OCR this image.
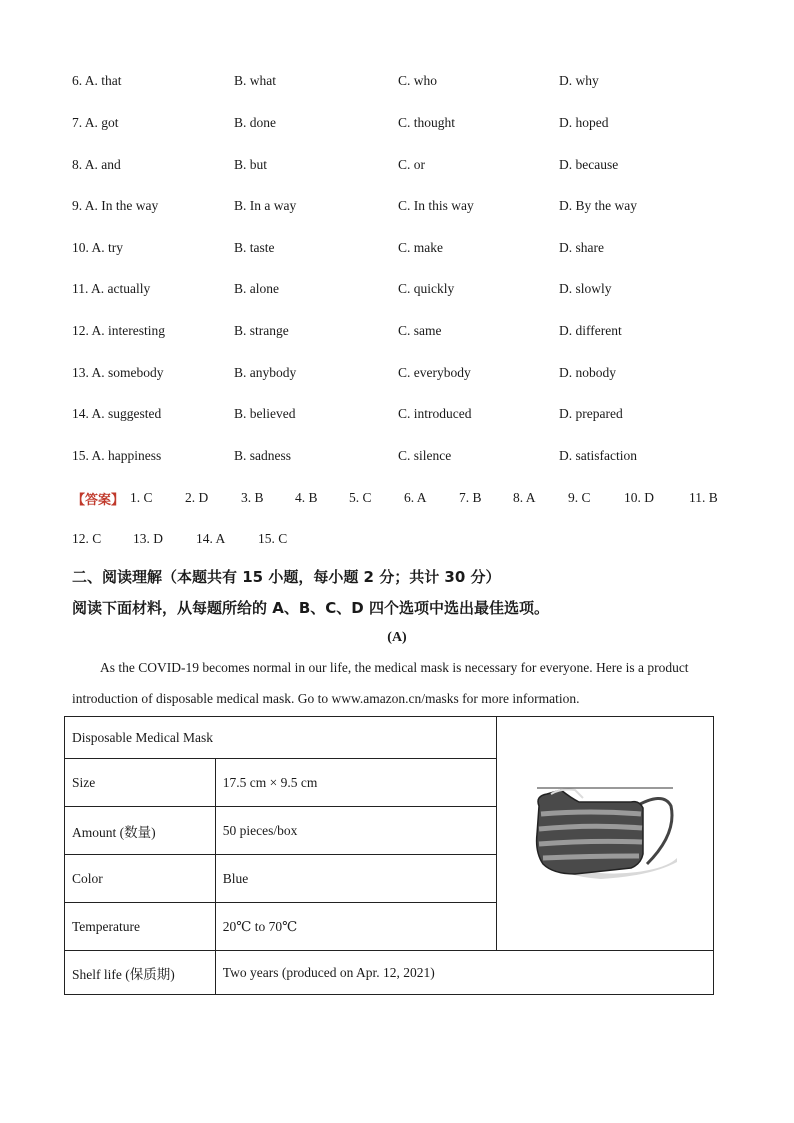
6. A. that	B. what	C. who	D. why
7. A. got	B. done	C. thought	D. hoped
8. A. and	B. but	C. or	D. because
9. A. In the way	B. In a way	C. In this way	D. By the way
10. A. try	B. taste	C. make	D. share
11. A. actually	B. alone	C. quickly	D. slowly
12. A. interesting	B. strange	C. same	D. different
13. A. somebody	B. anybody	C. everybody	D. nobody
14. A. suggested	B. believed	C. introduced	D. prepared
15. A. happiness	B. sadness	C. silence	D. satisfaction
【答案】 1. C 2. D 3. B 4. B 5. C 6. A 7. B 8. A 9. C 10. D	11. B
12. C 13. D 14. A 15. C
二、阅读理解（本题共有 15 小题，每小题 2 分；共计 30 分）
阅读下面材料，从每题所给的 A、B、C、D 四个选项中选出最佳选项。
(A)
As the COVID-19 becomes normal in our life, the medical mask is necessary for everyone. Here is a product
introduction of disposable medical mask. Go to www.amazon.cn/masks for more information.
Disposable Medical Mask	

Size	17.5 cm × 9.5 cm	
Amount (数量)	50 pieces/box	
Color	Blue	
Temperature	20℃ to 70℃	
Shelf life (保质期)	Two years (produced on Apr. 12, 2021)	
